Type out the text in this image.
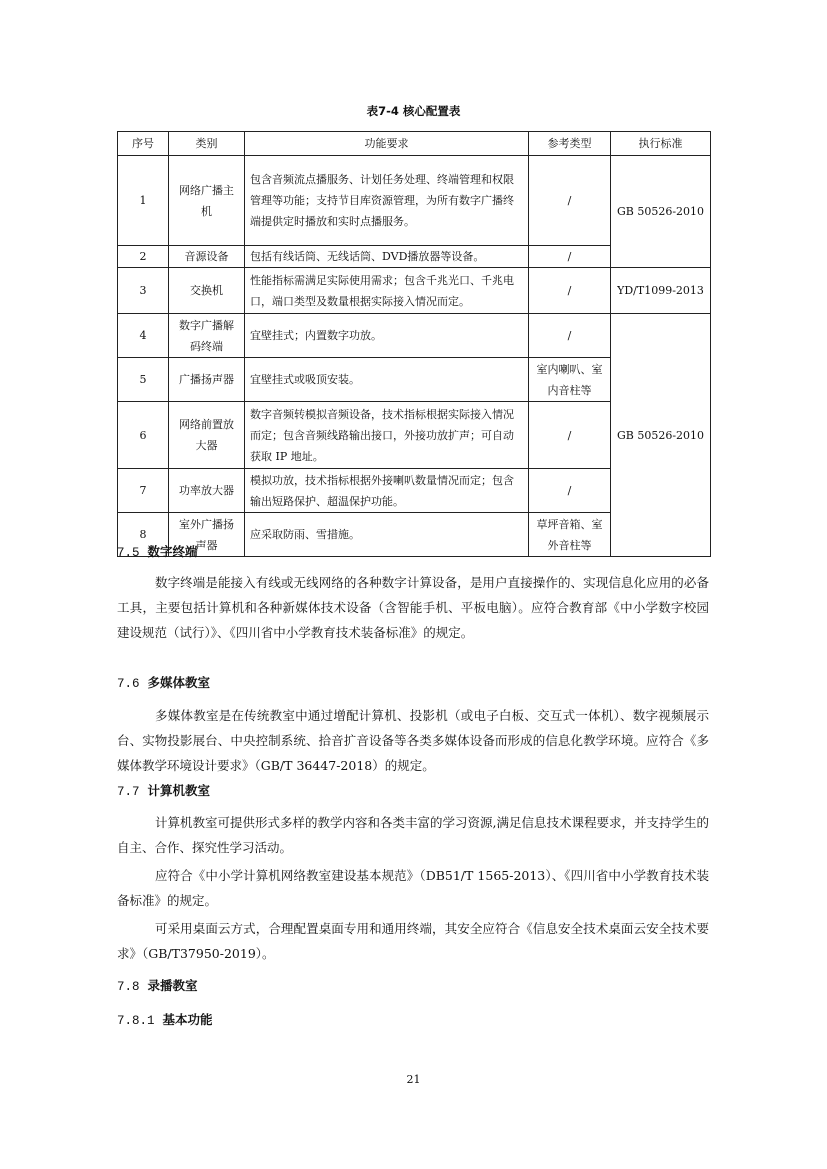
表7-4 核心配置表
序号	类别	功能要求	参考类型	执行标准
1	网络广播主机	包含音频流点播服务、计划任务处理、终端管理和权限管理等功能；支持节目库资源管理，为所有数字广播终端提供定时播放和实时点播服务。	/	GB 50526-2010
2	音源设备	包括有线话筒、无线话筒、DVD播放器等设备。	/	
3	交换机	性能指标需满足实际使用需求；包含千兆光口、千兆电口，端口类型及数量根据实际接入情况而定。	/	YD/T1099-2013
4	数字广播解码终端	宜壁挂式；内置数字功放。	/	GB 50526-2010
5	广播扬声器	宜壁挂式或吸顶安装。	室内喇叭、室内音柱等	
6	网络前置放大器	数字音频转模拟音频设备，技术指标根据实际接入情况而定；包含音频线路输出接口，外接功放扩声；可自动获取 IP 地址。	/	
7	功率放大器	模拟功放，技术指标根据外接喇叭数量情况而定；包含输出短路保护、超温保护功能。	/	
8	室外广播扬声器	应采取防雨、雪措施。	草坪音箱、室外音柱等	
7.5 数字终端

数字终端是能接入有线或无线网络的各种数字计算设备，是用户直接操作的、实现信息化应用的必备工具，主要包括计算机和各种新媒体技术设备（含智能手机、平板电脑）。应符合教育部《中小学数字校园建设规范（试行）》、《四川省中小学教育技术装备标准》的规定。

7.6 多媒体教室

多媒体教室是在传统教室中通过增配计算机、投影机（或电子白板、交互式一体机）、数字视频展示台、实物投影展台、中央控制系统、拾音扩音设备等各类多媒体设备而形成的信息化教学环境。应符合《多媒体教学环境设计要求》（GB/T 36447-2018）的规定。

7.7 计算机教室

计算机教室可提供形式多样的教学内容和各类丰富的学习资源,满足信息技术课程要求，并支持学生的自主、合作、探究性学习活动。

应符合《中小学计算机网络教室建设基本规范》（DB51/T 1565-2013）、《四川省中小学教育技术装备标准》的规定。

可采用桌面云方式，合理配置桌面专用和通用终端，其安全应符合《信息安全技术桌面云安全技术要求》（GB/T37950-2019）。

7.8 录播教室
7.8.1 基本功能
21
